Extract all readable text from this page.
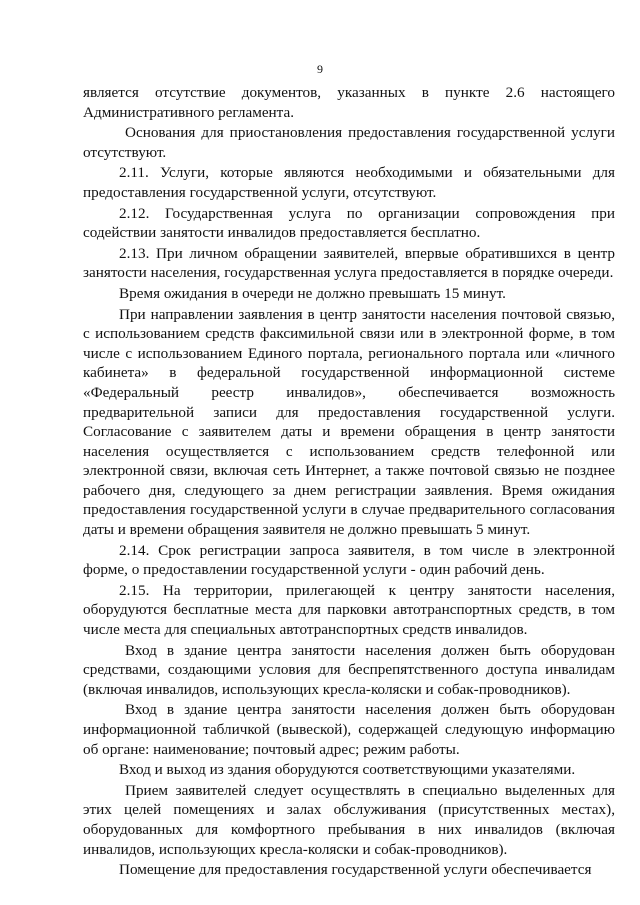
9

является отсутствие документов, указанных в пункте 2.6 настоящего Административного регламента.

Основания для приостановления предоставления государственной услуги отсутствуют.

2.11. Услуги, которые являются необходимыми и обязательными для предоставления государственной услуги, отсутствуют.

2.12. Государственная услуга по организации сопровождения при содействии занятости инвалидов предоставляется бесплатно.

2.13. При личном обращении заявителей, впервые обратившихся в центр занятости населения, государственная услуга предоставляется в порядке очереди.

Время ожидания в очереди не должно превышать 15 минут.

При направлении заявления в центр занятости населения почтовой связью, с использованием средств факсимильной связи или в электронной форме, в том числе с использованием Единого портала, регионального портала или «личного кабинета» в федеральной государственной информационной системе «Федеральный реестр инвалидов», обеспечивается возможность предварительной записи для предоставления государственной услуги. Согласование с заявителем даты и времени обращения в центр занятости населения осуществляется с использованием средств телефонной или электронной связи, включая сеть Интернет, а также почтовой связью не позднее рабочего дня, следующего за днем регистрации заявления. Время ожидания предоставления государственной услуги в случае предварительного согласования даты и времени обращения заявителя не должно превышать 5 минут.

2.14. Срок регистрации запроса заявителя, в том числе в электронной форме, о предоставлении государственной услуги - один рабочий день.

2.15. На территории, прилегающей к центру занятости населения, оборудуются бесплатные места для парковки автотранспортных средств, в том числе места для специальных автотранспортных средств инвалидов.

Вход в здание центра занятости населения должен быть оборудован средствами, создающими условия для беспрепятственного доступа инвалидам (включая инвалидов, использующих кресла-коляски и собак-проводников).

Вход в здание центра занятости населения должен быть оборудован информационной табличкой (вывеской), содержащей следующую информацию об органе: наименование; почтовый адрес; режим работы.

Вход и выход из здания оборудуются соответствующими указателями.

Прием заявителей следует осуществлять в специально выделенных для этих целей помещениях и залах обслуживания (присутственных местах), оборудованных для комфортного пребывания в них инвалидов (включая инвалидов, использующих кресла-коляски и собак-проводников).

Помещение для предоставления государственной услуги обеспечивается
